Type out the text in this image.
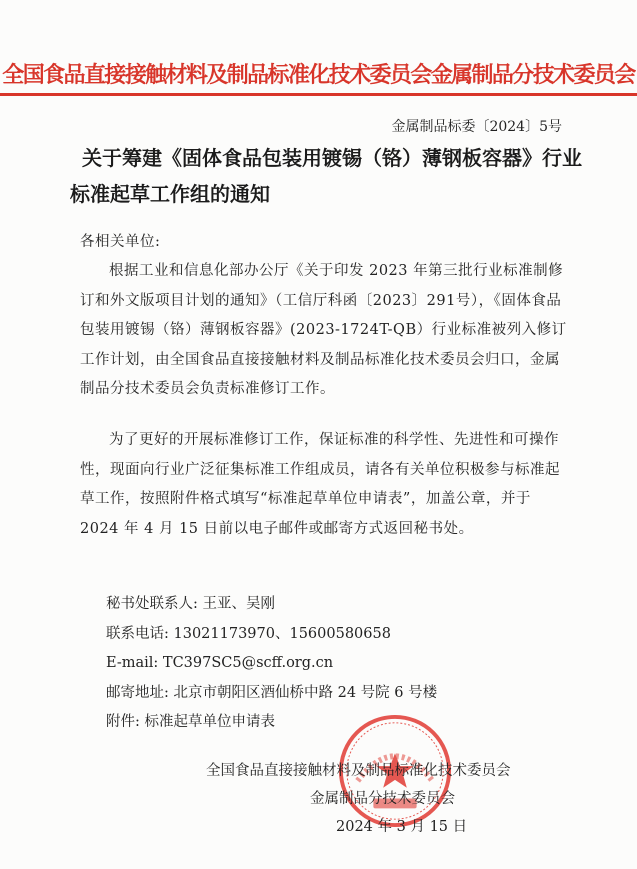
全国食品直接接触材料及制品标准化技术委员会金属制品分技术委员会
金属制品标委〔2024〕5号
关于筹建《固体食品包装用镀锡（铬）薄钢板容器》行业标准起草工作组的通知
各相关单位:
根据工业和信息化部办公厅《关于印发 2023 年第三批行业标准制修订和外文版项目计划的通知》（工信厅科函〔2023〕291号），《固体食品包装用镀锡（铬）薄钢板容器》(2023-1724T-QB）行业标准被列入修订工作计划，由全国食品直接接触材料及制品标准化技术委员会归口，金属制品分技术委员会负责标准修订工作。
为了更好的开展标准修订工作，保证标准的科学性、先进性和可操作性，现面向行业广泛征集标准工作组成员，请各有关单位积极参与标准起草工作，按照附件格式填写“标准起草单位申请表”，加盖公章，并于 2024 年 4 月 15 日前以电子邮件或邮寄方式返回秘书处。
秘书处联系人: 王亚、吴刚
联系电话: 13021173970、15600580658
E-mail: TC397SC5@scff.org.cn
邮寄地址: 北京市朝阳区酒仙桥中路 24 号院 6 号楼
附件: 标准起草单位申请表
全国食品直接接触材料及制品标准化技术委员会
金属制品分技术委员会
2024 年 3 月 15 日
